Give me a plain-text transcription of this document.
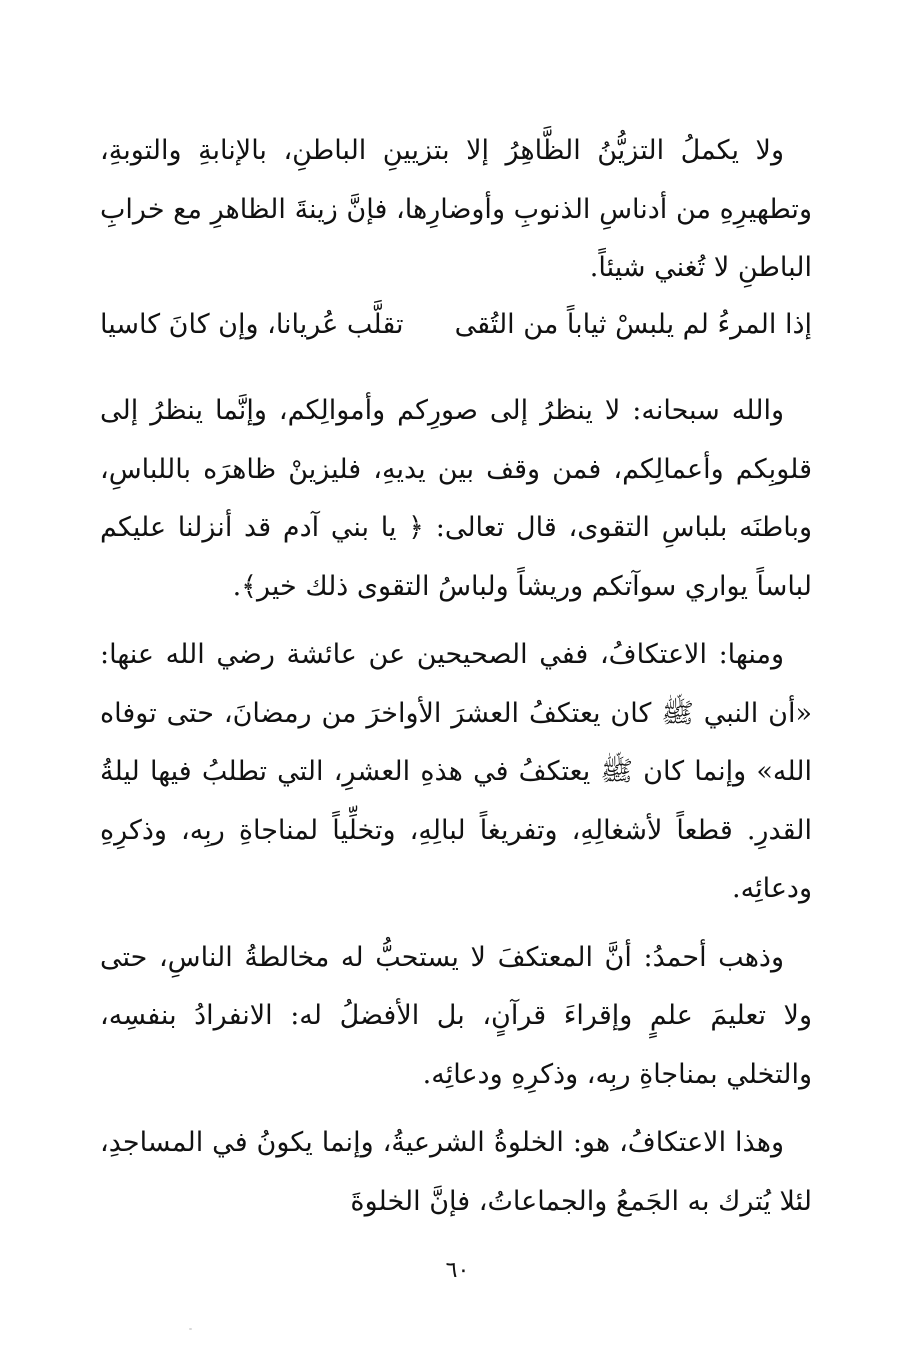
ولا يكملُ التزيُّنُ الظَّاهِرُ إلا بتزيينِ الباطنِ، بالإنابةِ والتوبةِ، وتطهيرِهِ من أدناسِ الذنوبِ وأوضارِها، فإنَّ زينةَ الظاهرِ مع خرابِ الباطنِ لا تُغني شيئاً.

إذا المرءُ لم يلبسْ ثياباً من التُقى
تقلَّب عُريانا، وإن كانَ كاسيا

والله سبحانه: لا ينظرُ إلى صورِكم وأموالِكم، وإنَّما ينظرُ إلى قلوبِكم وأعمالِكم، فمن وقف بين يديهِ، فليزينْ ظاهرَه باللباسِ، وباطنَه بلباسِ التقوى، قال تعالى: ﴿ يا بني آدم قد أنزلنا عليكم لباساً يواري سوآتكم وريشاً ولباسُ التقوى ذلك خير﴾.

ومنها: الاعتكافُ، ففي الصحيحين عن عائشة رضي الله عنها: «أن النبي ﷺ كان يعتكفُ العشرَ الأواخرَ من رمضانَ، حتى توفاه الله» وإنما كان ﷺ يعتكفُ في هذهِ العشرِ، التي تطلبُ فيها ليلةُ القدرِ. قطعاً لأشغالِهِ، وتفريغاً لبالِهِ، وتخلِّياً لمناجاةِ ربِه، وذكرِهِ ودعائِه.

وذهب أحمدُ: أنَّ المعتكفَ لا يستحبُّ له مخالطةُ الناسِ، حتى ولا تعليمَ علمٍ وإقراءَ قرآنٍ، بل الأفضلُ له: الانفرادُ بنفسِه، والتخلي بمناجاةِ ربِه، وذكرِهِ ودعائِه.

وهذا الاعتكافُ، هو: الخلوةُ الشرعيةُ، وإنما يكونُ في المساجدِ، لئلا يُترك به الجَمعُ والجماعاتُ، فإنَّ الخلوةَ

٦٠
